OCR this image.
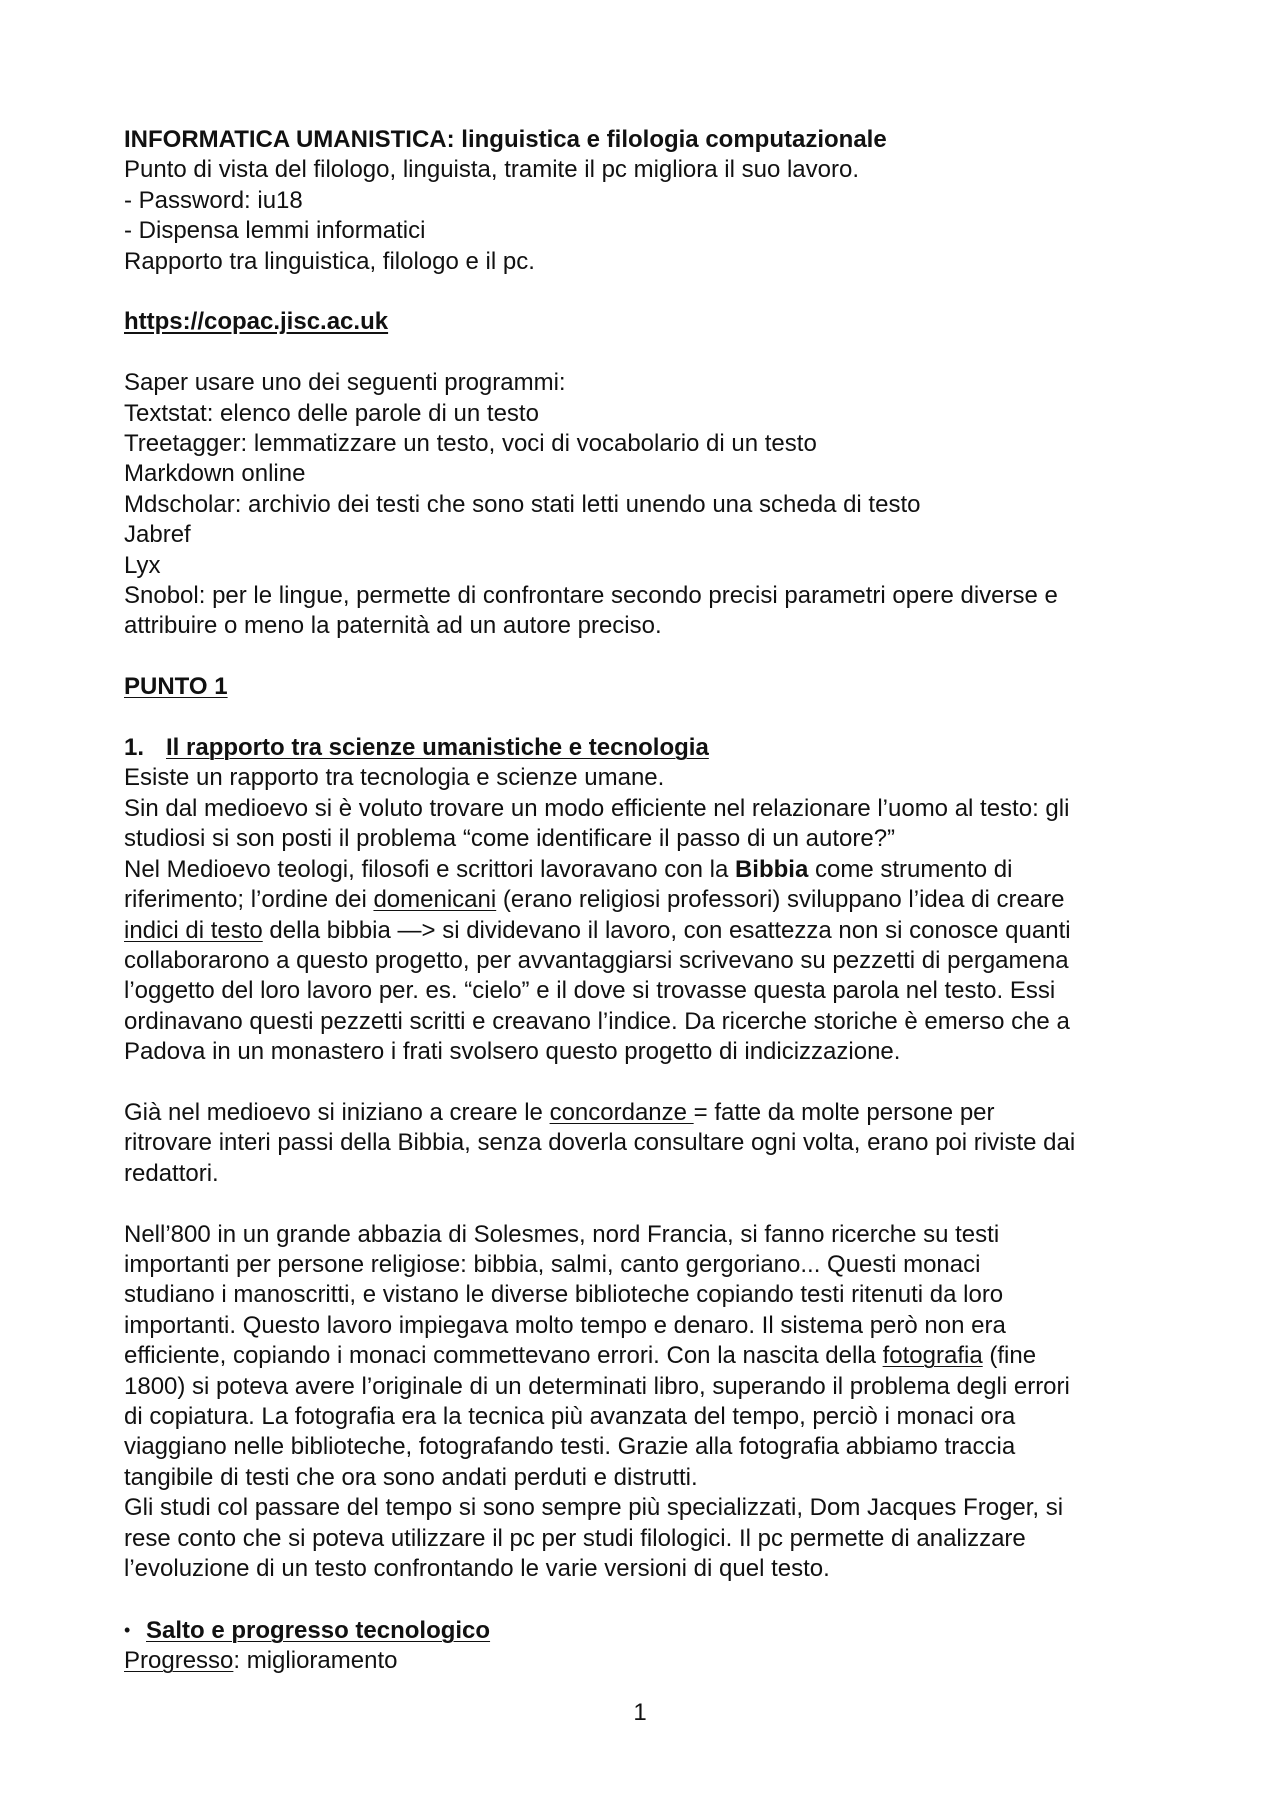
INFORMATICA UMANISTICA: linguistica e filologia computazionale

Punto di vista del filologo, linguista, tramite il pc migliora il suo lavoro.

- Password: iu18

- Dispensa lemmi informatici

Rapporto tra linguistica, filologo e il pc.

https://copac.jisc.ac.uk

Saper usare uno dei seguenti programmi:

Textstat: elenco delle parole di un testo

Treetagger: lemmatizzare un testo, voci di vocabolario di un testo

Markdown online

Mdscholar: archivio dei testi che sono stati letti unendo una scheda di testo

Jabref

Lyx

Snobol: per le lingue, permette di confrontare secondo precisi parametri opere diverse e

attribuire o meno la paternità ad un autore preciso.

PUNTO 1

1. Il rapporto tra scienze umanistiche e tecnologia

Esiste un rapporto tra tecnologia e scienze umane.

Sin dal medioevo si è voluto trovare un modo efficiente nel relazionare l’uomo al testo: gli

studiosi si son posti il problema “come identificare il passo di un autore?”

Nel Medioevo teologi, filosofi e scrittori lavoravano con la Bibbia come strumento di

riferimento; l’ordine dei domenicani (erano religiosi professori) sviluppano l’idea di creare

indici di testo della bibbia —> si dividevano il lavoro, con esattezza non si conosce quanti

collaborarono a questo progetto, per avvantaggiarsi scrivevano su pezzetti di pergamena

l’oggetto del loro lavoro per. es. “cielo” e il dove si trovasse questa parola nel testo. Essi

ordinavano questi pezzetti scritti e creavano l’indice. Da ricerche storiche è emerso che a

Padova in un monastero i frati svolsero questo progetto di indicizzazione.

Già nel medioevo si iniziano a creare le concordanze = fatte da molte persone per

ritrovare interi passi della Bibbia, senza doverla consultare ogni volta, erano poi riviste dai

redattori.

Nell’800 in un grande abbazia di Solesmes, nord Francia, si fanno ricerche su testi

importanti per persone religiose: bibbia, salmi, canto gergoriano... Questi monaci

studiano i manoscritti, e vistano le diverse biblioteche copiando testi ritenuti da loro

importanti. Questo lavoro impiegava molto tempo e denaro. Il sistema però non era

efficiente, copiando i monaci commettevano errori. Con la nascita della fotografia (fine

1800) si poteva avere l’originale di un determinati libro, superando il problema degli errori

di copiatura. La fotografia era la tecnica più avanzata del tempo, perciò i monaci ora

viaggiano nelle biblioteche, fotografando testi. Grazie alla fotografia abbiamo traccia

tangibile di testi che ora sono andati perduti e distrutti.

Gli studi col passare del tempo si sono sempre più specializzati, Dom Jacques Froger, si

rese conto che si poteva utilizzare il pc per studi filologici. Il pc permette di analizzare

l’evoluzione di un testo confrontando le varie versioni di quel testo.

• Salto e progresso tecnologico

Progresso: miglioramento

1
